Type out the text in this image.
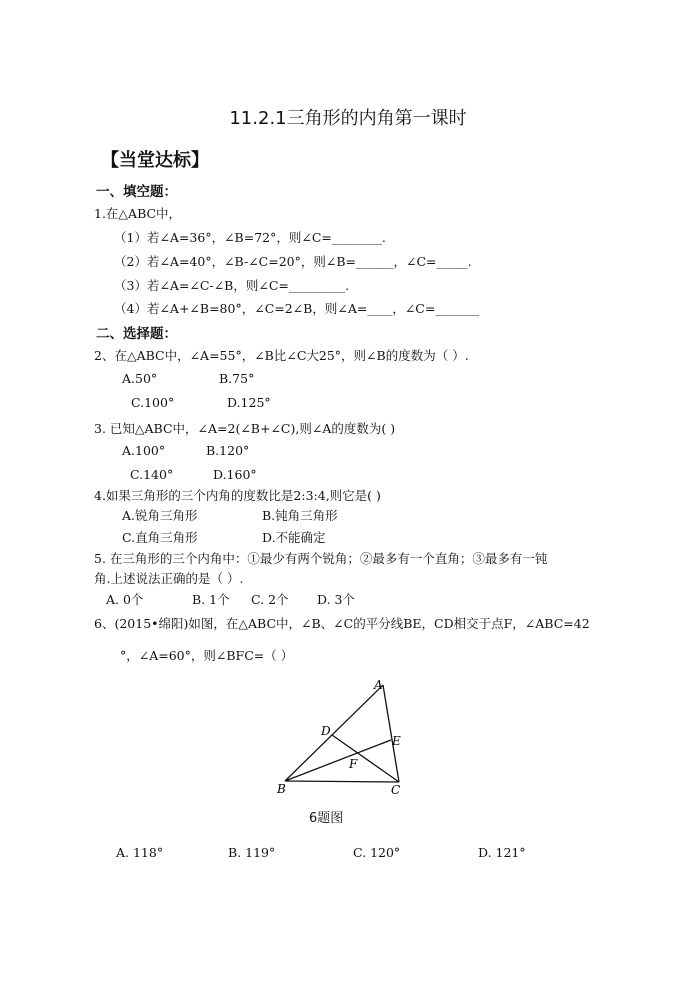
11.2.1三角形的内角第一课时
【当堂达标】
一、填空题：
1.在△ABC中，
（1）若∠A=36°，∠B=72°，则∠C=________.
（2）若∠A=40°，∠B-∠C=20°，则∠B=______，∠C=_____.
（3）若∠A=∠C-∠B，则∠C=_________.
（4）若∠A+∠B=80°，∠C=2∠B，则∠A=____，∠C=_______
二、选择题：
2、在△ABC中，∠A=55°，∠B比∠C大25°，则∠B的度数为（ ）.
A.50°	B.75°
C.100°	D.125°
3. 已知△ABC中，∠A=2(∠B+∠C),则∠A的度数为( )
A.100°	B.120°
C.140°	D.160°
4.如果三角形的三个内角的度数比是2:3:4,则它是( )
A.锐角三角形	B.钝角三角形
C.直角三角形	D.不能确定
5. 在三角形的三个内角中：①最少有两个锐角；②最多有一个直角；③最多有一钝
角.上述说法正确的是（ ）.
A. 0个	B. 1个 C. 2个 D. 3个
6、(2015•绵阳)如图，在△ABC中，∠B、∠C的平分线BE，CD相交于点F，∠ABC=42
°，∠A=60°，则∠BFC=（ ）
A
B	C
D
E
F
6题图
A. 118°	B. 119°	C. 120°	D. 121°
